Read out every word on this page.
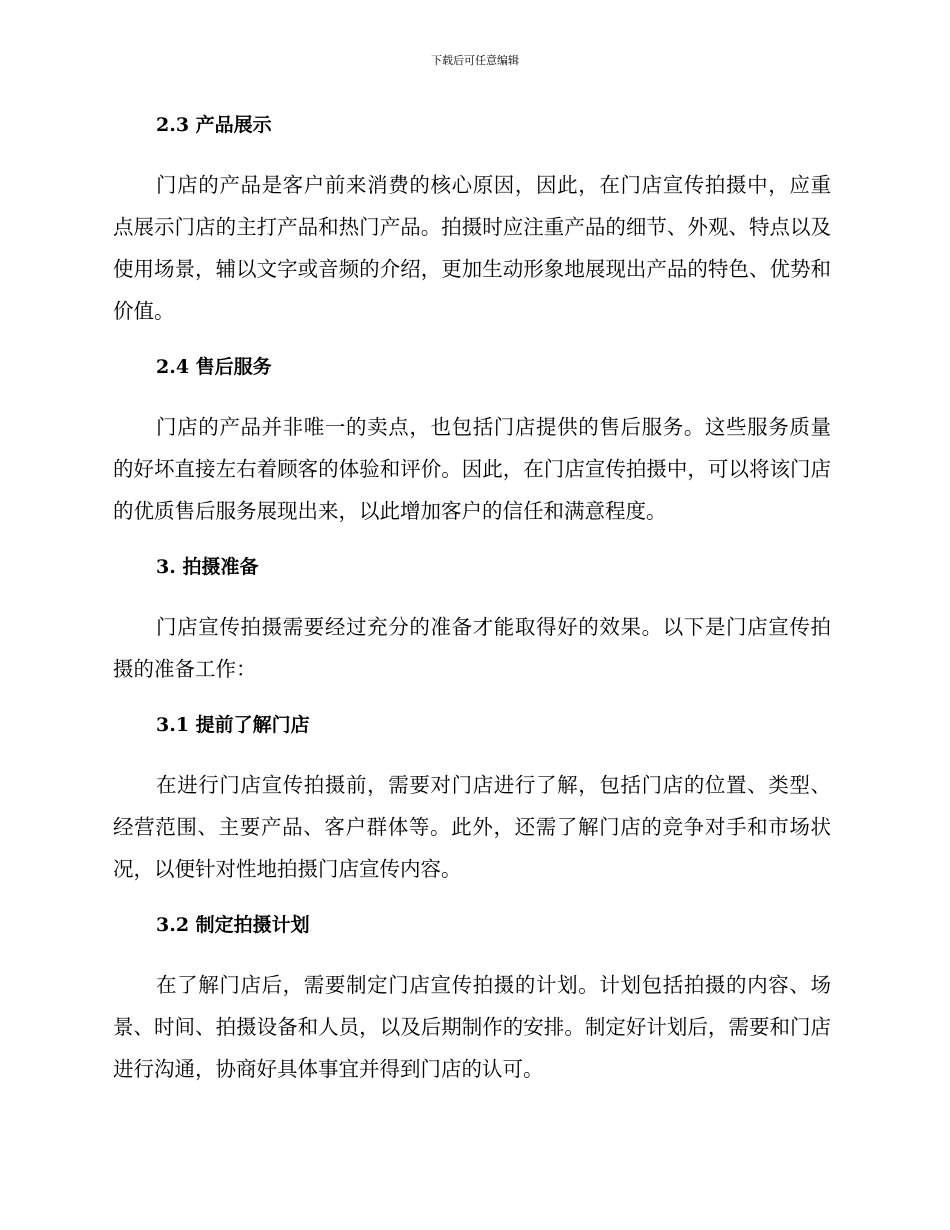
下载后可任意编辑
2.3 产品展示

门店的产品是客户前来消费的核心原因，因此，在门店宣传拍摄中，应重点展示门店的主打产品和热门产品。拍摄时应注重产品的细节、外观、特点以及使用场景，辅以文字或音频的介绍，更加生动形象地展现出产品的特色、优势和价值。

2.4 售后服务

门店的产品并非唯一的卖点，也包括门店提供的售后服务。这些服务质量的好坏直接左右着顾客的体验和评价。因此，在门店宣传拍摄中，可以将该门店的优质售后服务展现出来，以此增加客户的信任和满意程度。

3. 拍摄准备

门店宣传拍摄需要经过充分的准备才能取得好的效果。以下是门店宣传拍摄的准备工作：

3.1 提前了解门店

在进行门店宣传拍摄前，需要对门店进行了解，包括门店的位置、类型、经营范围、主要产品、客户群体等。此外，还需了解门店的竞争对手和市场状况，以便针对性地拍摄门店宣传内容。

3.2 制定拍摄计划

在了解门店后，需要制定门店宣传拍摄的计划。计划包括拍摄的内容、场景、时间、拍摄设备和人员，以及后期制作的安排。制定好计划后，需要和门店进行沟通，协商好具体事宜并得到门店的认可。
